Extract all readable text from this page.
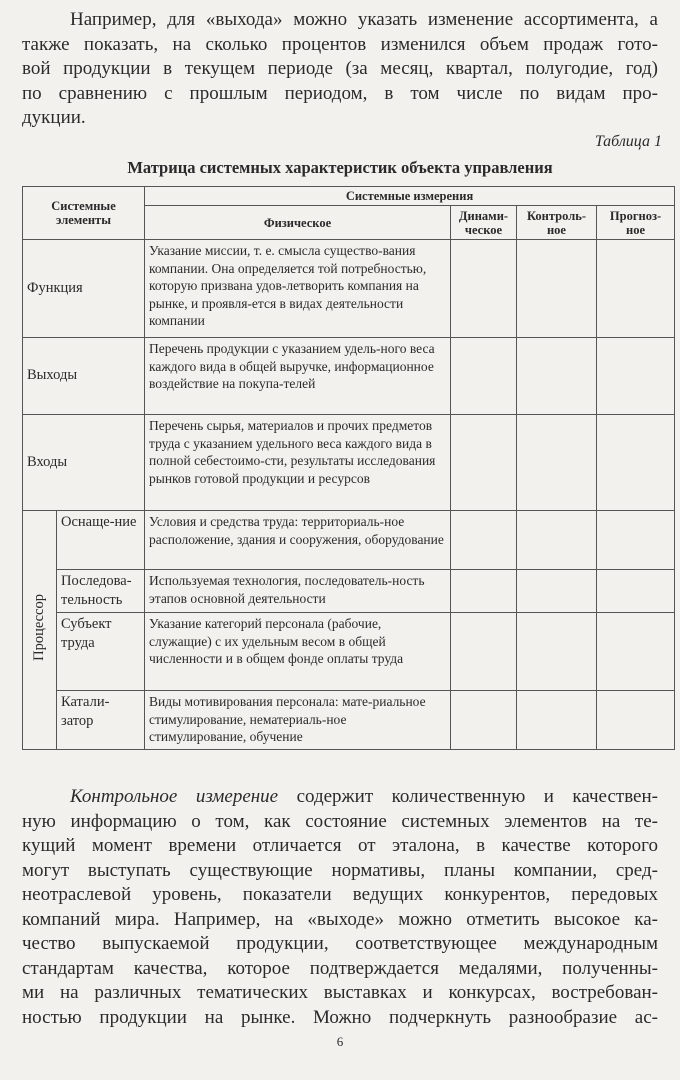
Например, для «выхода» можно указать изменение ассортимента, а
также показать, на сколько процентов изменился объем продаж гото-
вой продукции в текущем периоде (за месяц, квартал, полугодие, год)
по сравнению с прошлым периодом, в том числе по видам про-
дукции.
Таблица 1
Матрица системных характеристик объекта управления
Системные элементы		Системные измерения			
		Физическое	Динами-ческое	Контроль-ное	Прогноз-ное
Функция		Указание миссии, т. е. смысла существо-вания компании. Она определяется той потребностью, которую призвана удов-летворить компания на рынке, и проявля-ется в видах деятельности компании			
Выходы		Перечень продукции с указанием удель-ного веса каждого вида в общей выручке, информационное воздействие на покупа-телей			
Входы		Перечень сырья, материалов и прочих предметов труда с указанием удельного веса каждого вида в полной себестоимо-сти, результаты исследования рынков готовой продукции и ресурсов			
Процессор	Оснаще-ние	Условия и средства труда: территориаль-ное расположение, здания и сооружения, оборудование			
	Последова-тельность	Используемая технология, последователь-ность этапов основной деятельности			
	Субъект труда	Указание категорий персонала (рабочие, служащие) с их удельным весом в общей численности и в общем фонде оплаты труда			
	Катали-затор	Виды мотивирования персонала: мате-риальное стимулирование, нематериаль-ное стимулирование, обучение			
Контрольное измерение содержит количественную и качествен-
ную информацию о том, как состояние системных элементов на те-
кущий момент времени отличается от эталона, в качестве которого
могут выступать существующие нормативы, планы компании, сред-
неотраслевой уровень, показатели ведущих конкурентов, передовых
компаний мира. Например, на «выходе» можно отметить высокое ка-
чество выпускаемой продукции, соответствующее международным
стандартам качества, которое подтверждается медалями, полученны-
ми на различных тематических выставках и конкурсах, востребован-
ностью продукции на рынке. Можно подчеркнуть разнообразие ас-
6
